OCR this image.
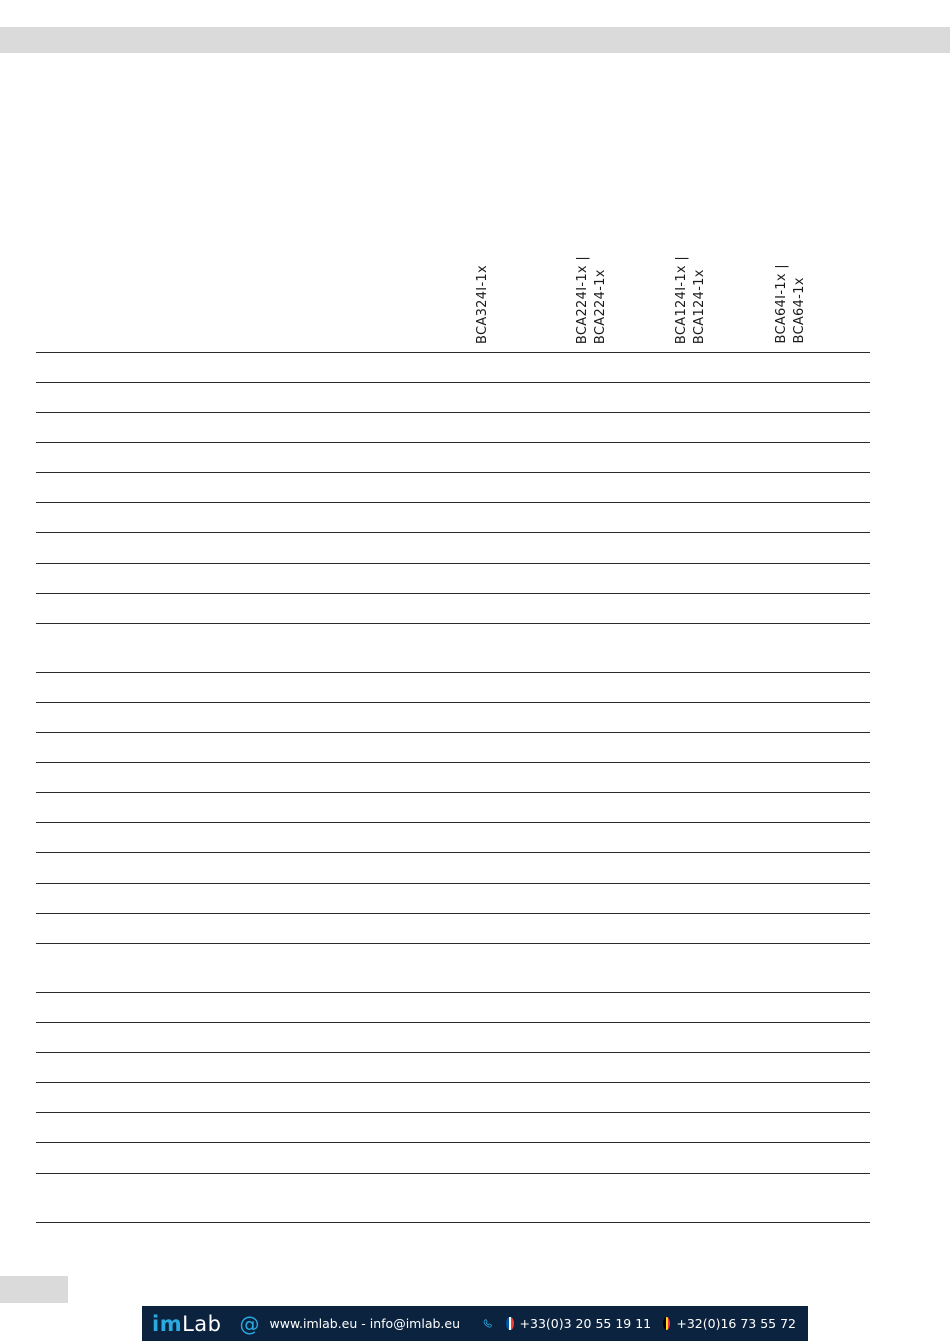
BCA324I-1x	BCA224I-1x | BCA224-1x	BCA124I-1x | BCA124-1x	BCA64I-1x | BCA64-1x
imLab @ www.imlab.eu - info@imlab.eu	+33(0)3 20 55 19 11 +32(0)16 73 55 72
